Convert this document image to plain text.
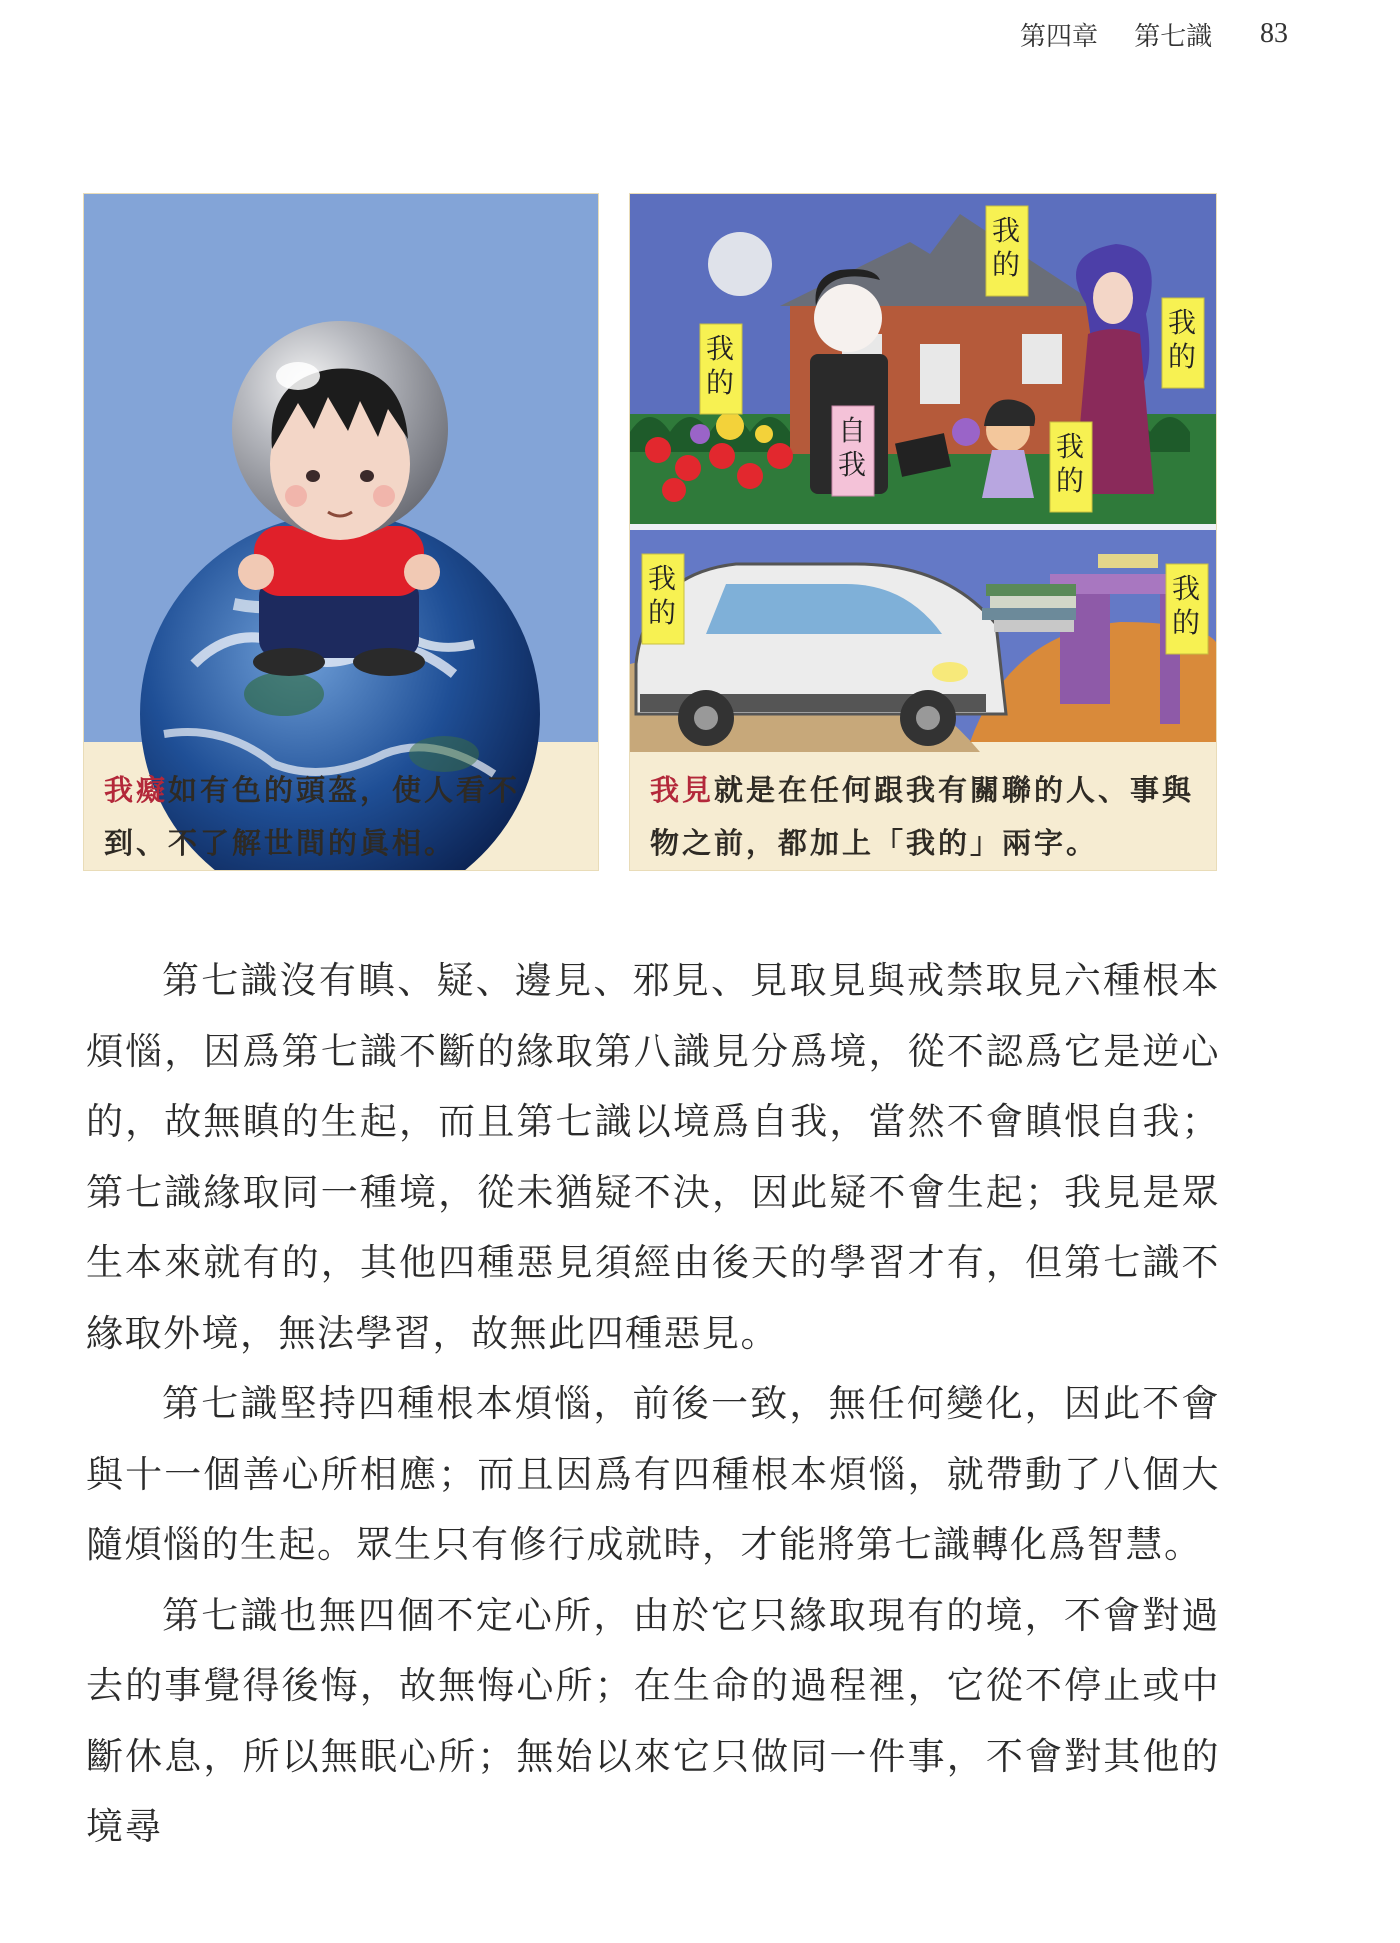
第四章 第七識 83
我癡如有色的頭盔，使人看不到、不了解世間的眞相。
我的
我的
我的
自我
我的
我的
我的
我見就是在任何跟我有關聯的人、事與物之前，都加上「我的」兩字。

第七識沒有瞋、疑、邊見、邪見、見取見與戒禁取見六種根本煩惱，因爲第七識不斷的緣取第八識見分爲境，從不認爲它是逆心的，故無瞋的生起，而且第七識以境爲自我，當然不會瞋恨自我；第七識緣取同一種境，從未猶疑不決，因此疑不會生起；我見是眾生本來就有的，其他四種惡見須經由後天的學習才有，但第七識不緣取外境，無法學習，故無此四種惡見。

第七識堅持四種根本煩惱，前後一致，無任何變化，因此不會與十一個善心所相應；而且因爲有四種根本煩惱，就帶動了八個大隨煩惱的生起。眾生只有修行成就時，才能將第七識轉化爲智慧。

第七識也無四個不定心所，由於它只緣取現有的境，不會對過去的事覺得後悔，故無悔心所；在生命的過程裡，它從不停止或中斷休息，所以無眠心所；無始以來它只做同一件事，不會對其他的境尋
